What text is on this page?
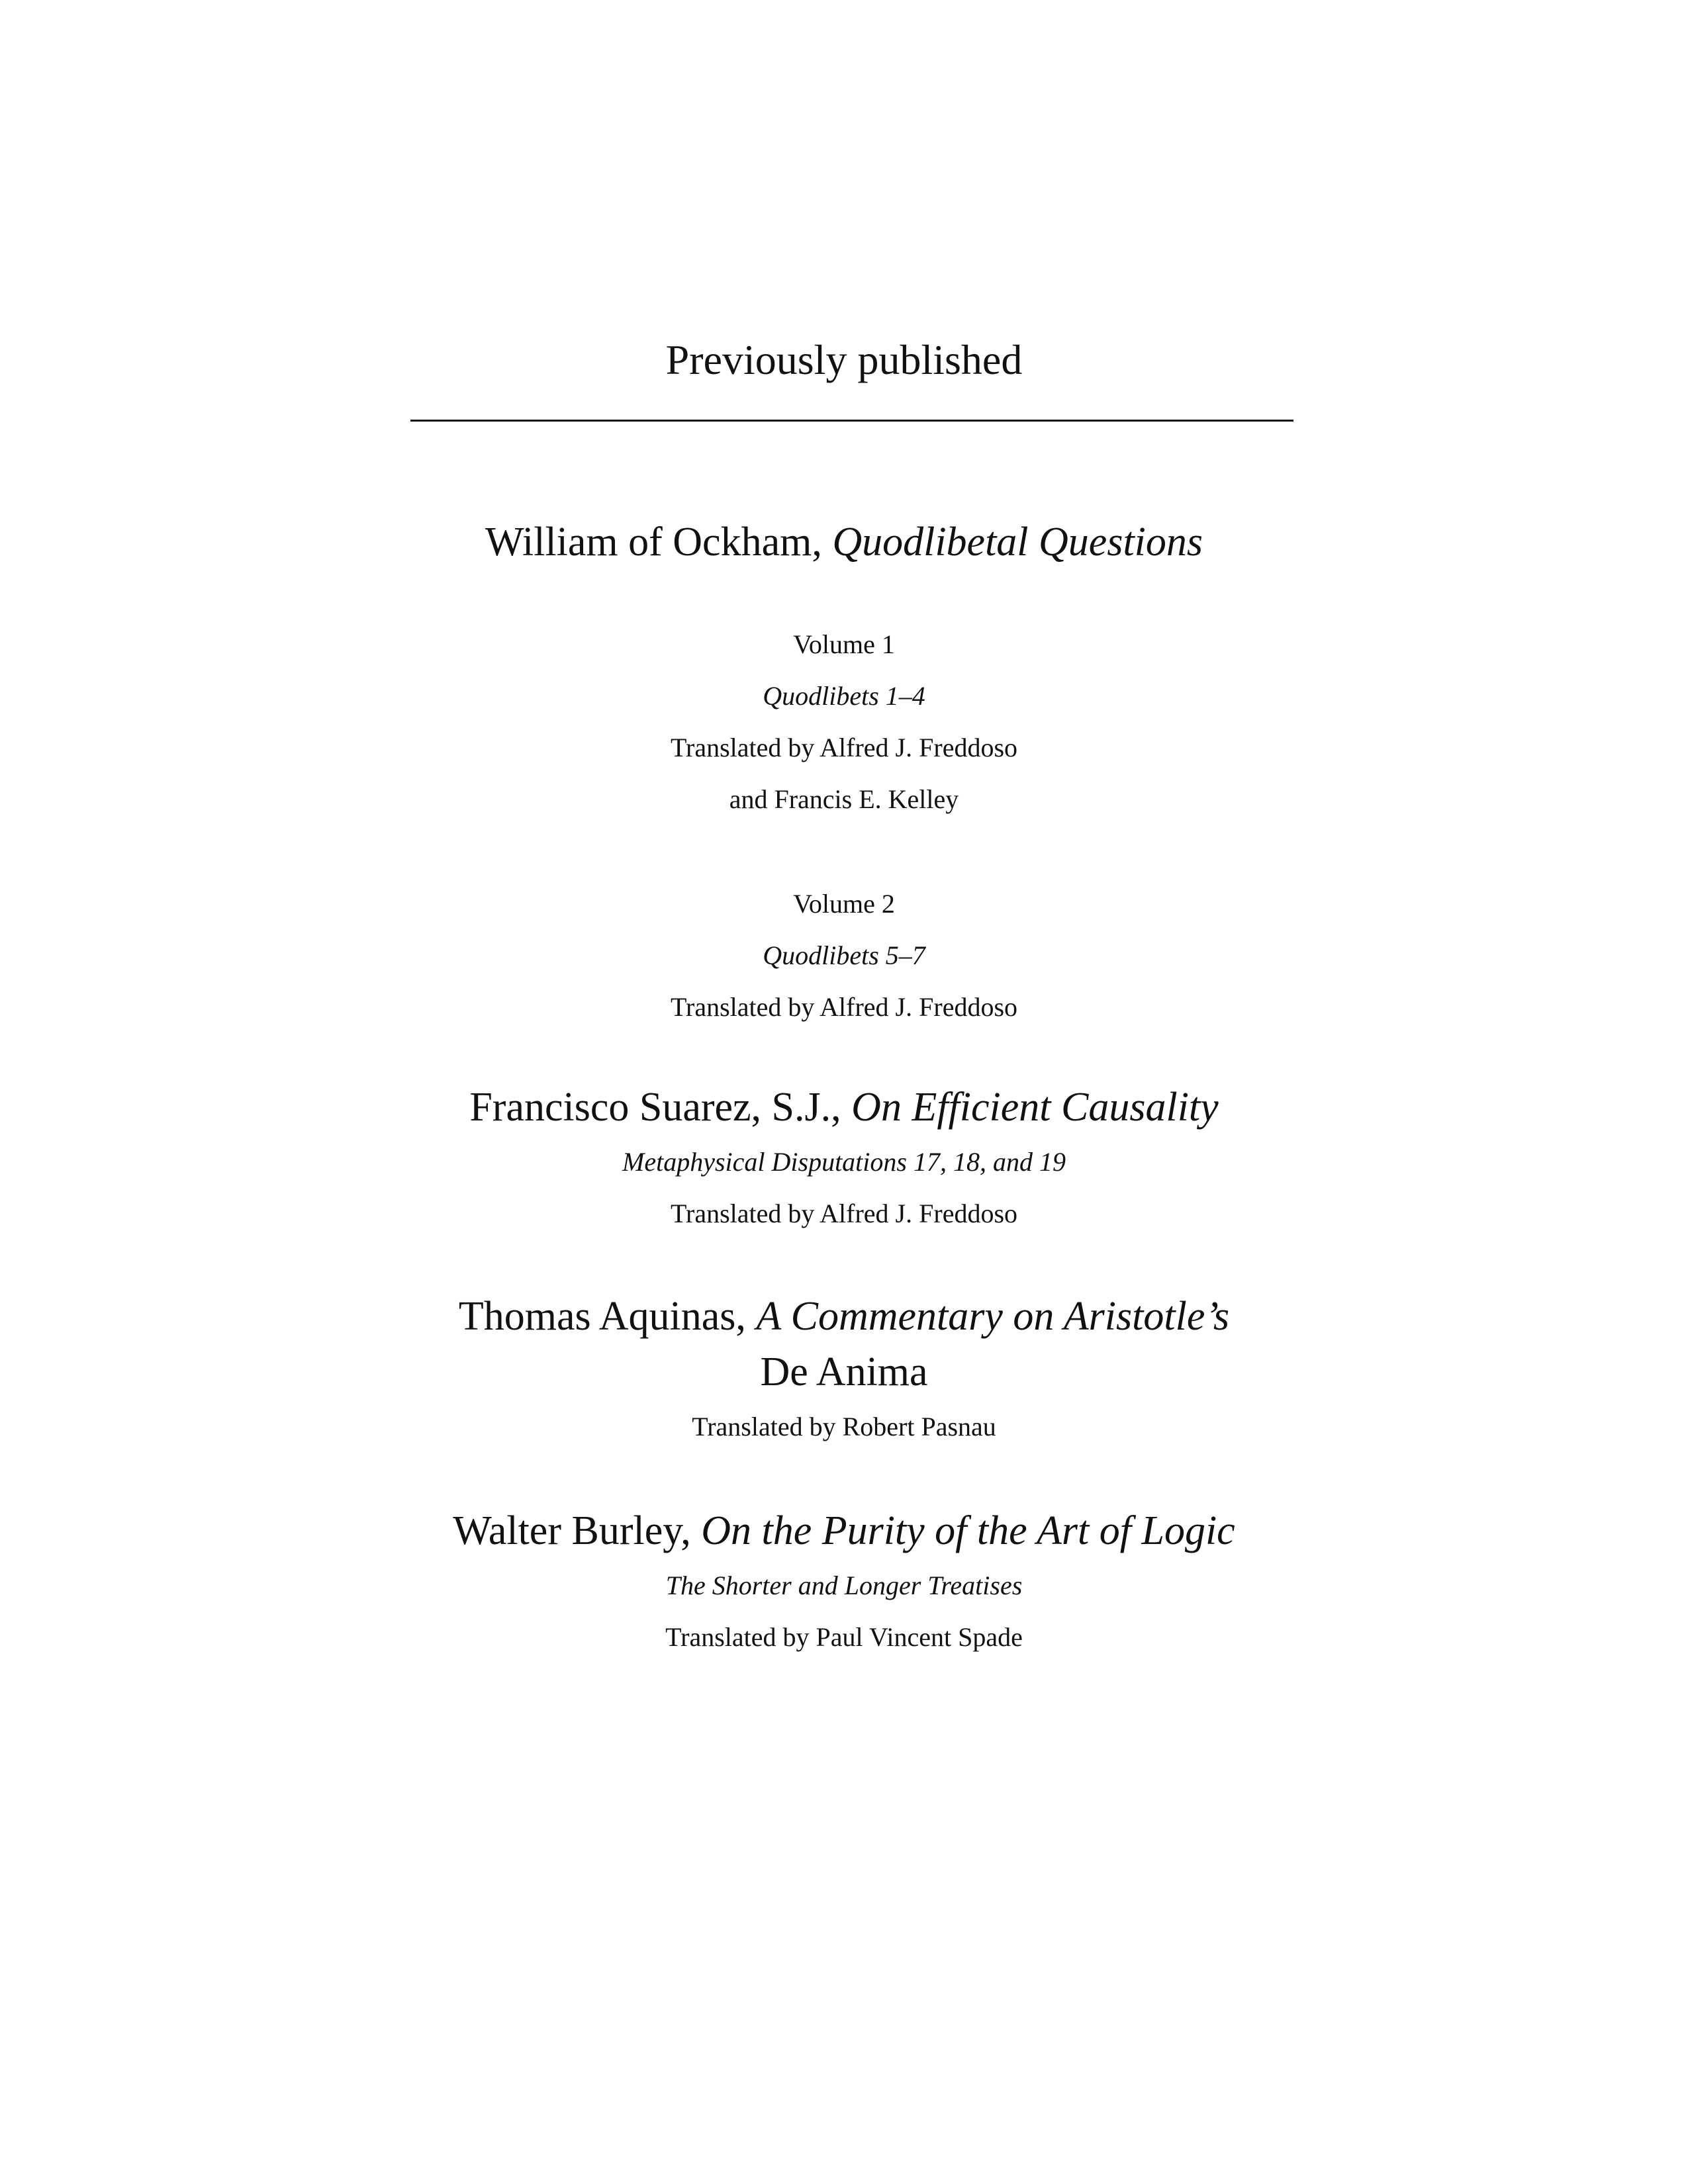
Previously published
William of Ockham, Quodlibetal Questions
Volume 1
Quodlibets 1–4
Translated by Alfred J. Freddoso
and Francis E. Kelley
Volume 2
Quodlibets 5–7
Translated by Alfred J. Freddoso
Francisco Suarez, S.J., On Efficient Causality
Metaphysical Disputations 17, 18, and 19
Translated by Alfred J. Freddoso
Thomas Aquinas, A Commentary on Aristotle’s
De Anima
Translated by Robert Pasnau
Walter Burley, On the Purity of the Art of Logic
The Shorter and Longer Treatises
Translated by Paul Vincent Spade
